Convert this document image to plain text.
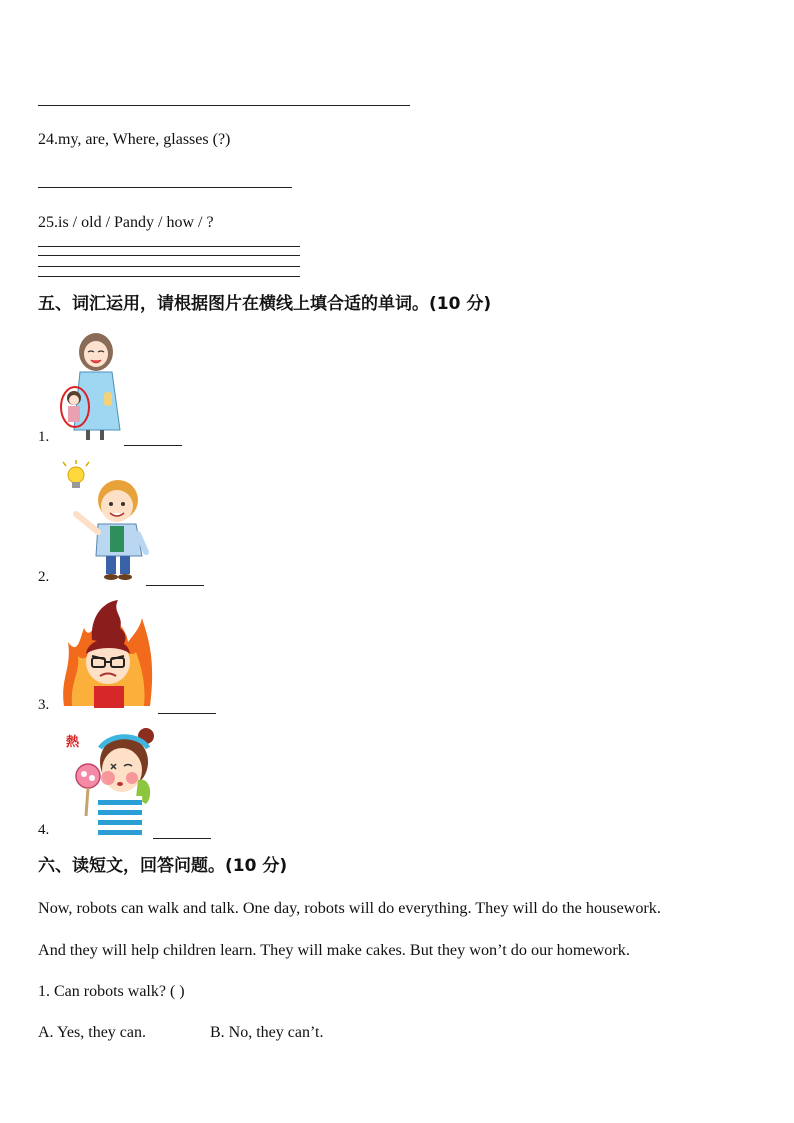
24.my, are, Where, glasses (?)
25.is / old / Pandy / how / ?
五、词汇运用，请根据图片在横线上填合适的单词。(10 分)
1.
2.
3.
熱
4.
六、读短文，回答问题。(10 分)
Now, robots can walk and talk. One day, robots will do everything. They will do the housework.
And they will help children learn. They will make cakes. But they won’t do our homework.
1. Can robots walk? ( )
A. Yes, they can.	B. No, they can’t.
